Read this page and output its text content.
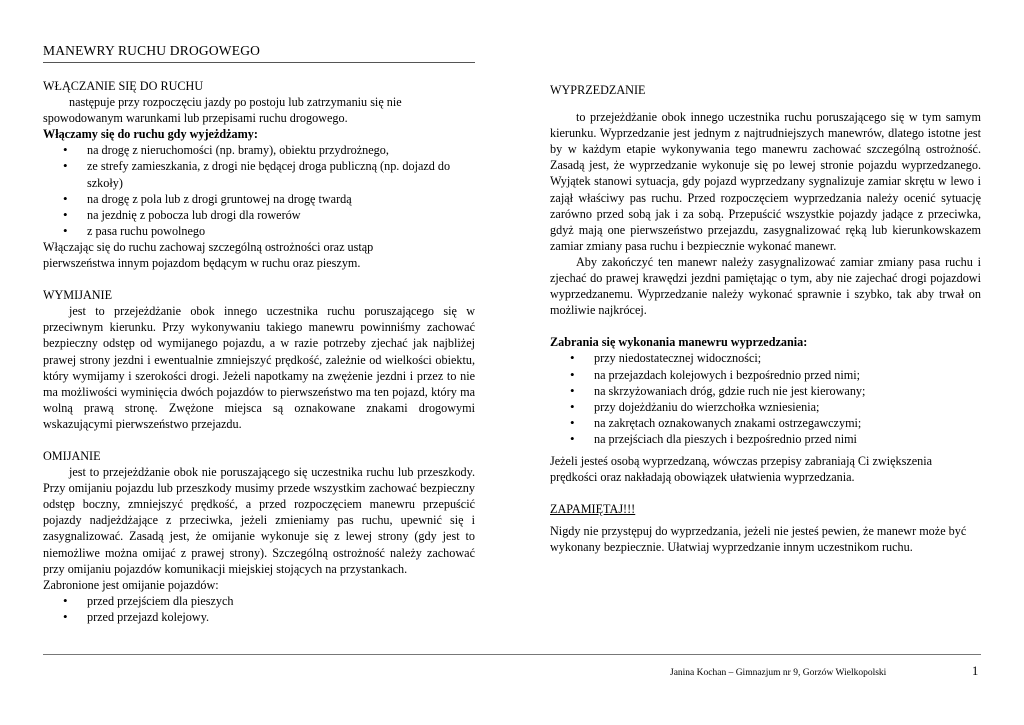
MANEWRY RUCHU DROGOWEGO

WŁĄCZANIE SIĘ DO RUCHU

następuje przy rozpoczęciu jazdy po postoju lub zatrzymaniu się nie

spowodowanym warunkami lub przepisami ruchu drogowego.

Włączamy się do ruchu gdy wyjeżdżamy:

• na drogę z nieruchomości (np. bramy), obiektu przydrożnego,
• ze strefy zamieszkania, z drogi nie będącej droga publiczną (np. dojazd do szkoły)
• na drogę z pola lub z drogi gruntowej na drogę twardą
• na jezdnię z pobocza lub drogi dla rowerów
• z pasa ruchu powolnego

Włączając się do ruchu zachowaj szczególną ostrożności oraz ustąp

pierwszeństwa innym pojazdom będącym w ruchu oraz pieszym.

WYMIJANIE

jest to przejeżdżanie obok innego uczestnika ruchu poruszającego się w przeciwnym kierunku. Przy wykonywaniu takiego manewru powinniśmy zachować bezpieczny odstęp od wymijanego pojazdu, a w razie potrzeby zjechać jak najbliżej prawej strony jezdni i ewentualnie zmniejszyć prędkość, zależnie od wielkości obiektu, który wymijamy i szerokości drogi. Jeżeli napotkamy na zwężenie jezdni i przez to nie ma możliwości wyminięcia dwóch pojazdów to pierwszeństwo ma ten pojazd, który ma wolną prawą stronę. Zwężone miejsca są oznakowane znakami drogowymi wskazującymi pierwszeństwo przejazdu.

OMIJANIE

jest to przejeżdżanie obok nie poruszającego się uczestnika ruchu lub przeszkody. Przy omijaniu pojazdu lub przeszkody musimy przede wszystkim zachować bezpieczny odstęp boczny, zmniejszyć prędkość, a przed rozpoczęciem manewru przepuścić pojazdy nadjeżdżające z przeciwka, jeżeli zmieniamy pas ruchu, upewnić się i zasygnalizować. Zasadą jest, że omijanie wykonuje się z lewej strony (gdy jest to niemożliwe można omijać z prawej strony). Szczególną ostrożność należy zachować przy omijaniu pojazdów komunikacji miejskiej stojących na przystankach.

Zabronione jest omijanie pojazdów:

• przed przejściem dla pieszych
• przed przejazd kolejowy.

WYPRZEDZANIE

to przejeżdżanie obok innego uczestnika ruchu poruszającego się w tym samym kierunku. Wyprzedzanie jest jednym z najtrudniejszych manewrów, dlatego istotne jest by w każdym etapie wykonywania tego manewru zachować szczególną ostrożność. Zasadą jest, że wyprzedzanie wykonuje się po lewej stronie pojazdu wyprzedzanego. Wyjątek stanowi sytuacja, gdy pojazd wyprzedzany sygnalizuje zamiar skrętu w lewo i zajął właściwy pas ruchu. Przed rozpoczęciem wyprzedzania należy ocenić sytuację zarówno przed sobą jak i za sobą. Przepuścić wszystkie pojazdy jadące z przeciwka, gdyż mają one pierwszeństwo przejazdu, zasygnalizować ręką lub kierunkowskazem zamiar zmiany pasa ruchu i bezpiecznie wykonać manewr.

Aby zakończyć ten manewr należy zasygnalizować zamiar zmiany pasa ruchu i zjechać do prawej krawędzi jezdni pamiętając o tym, aby nie zajechać drogi pojazdowi wyprzedzanemu. Wyprzedzanie należy wykonać sprawnie i szybko, tak aby trwał on możliwie najkrócej.

Zabrania się wykonania manewru wyprzedzania:

• przy niedostatecznej widoczności;
• na przejazdach kolejowych i bezpośrednio przed nimi;
• na skrzyżowaniach dróg, gdzie ruch nie jest kierowany;
• przy dojeżdżaniu do wierzchołka wzniesienia;
• na zakrętach oznakowanych znakami ostrzegawczymi;
• na przejściach dla pieszych i bezpośrednio przed nimi

Jeżeli jesteś osobą wyprzedzaną, wówczas przepisy zabraniają Ci zwiększenia prędkości oraz nakładają obowiązek ułatwienia wyprzedzania.

ZAPAMIĘTAJ!!!

Nigdy nie przystępuj do wyprzedzania, jeżeli nie jesteś pewien, że manewr może być wykonany bezpiecznie. Ułatwiaj wyprzedzanie innym uczestnikom ruchu.

Janina Kochan – Gimnazjum nr 9, Gorzów Wielkopolski	1
